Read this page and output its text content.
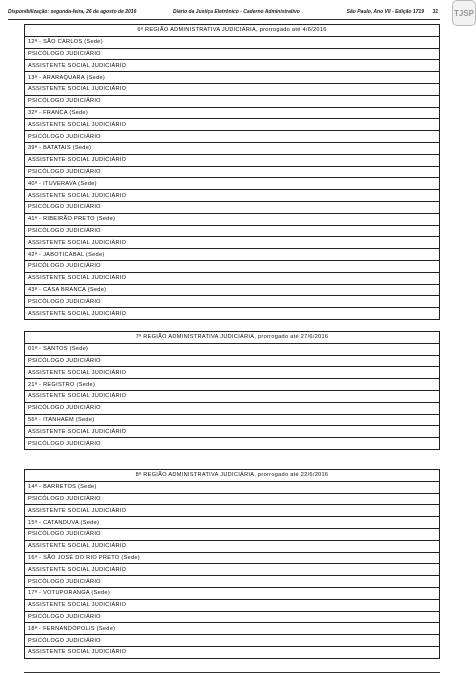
Disponibilização: segunda-feira, 26 de agosto de 2016	Diário da Justiça Eletrônico - Caderno Administrativo	São Paulo, Ano VII - Edição 1719 31 TJSP
6ª REGIÃO ADMINISTRATIVA JUDICIÁRIA, prorrogado até 4/6/2016
12ª - SÃO CARLOS (Sede)
PSICÓLOGO JUDICIÁRIO
ASSISTENTE SOCIAL JUDICIÁRIO
13ª - ARARAQUARA (Sede)
ASSISTENTE SOCIAL JUDICIÁRIO
PSICÓLOGO JUDICIÁRIO
32ª - FRANCA (Sede)
ASSISTENTE SOCIAL JUDICIÁRIO
PSICÓLOGO JUDICIÁRIO
39ª - BATATAIS (Sede)
ASSISTENTE SOCIAL JUDICIÁRIO
PSICÓLOGO JUDICIÁRIO
40ª - ITUVERAVA (Sede)
ASSISTENTE SOCIAL JUDICIÁRIO
PSICÓLOGO JUDICIÁRIO
41ª - RIBEIRÃO PRETO (Sede)
PSICÓLOGO JUDICIÁRIO
ASSISTENTE SOCIAL JUDICIÁRIO
42ª - JABOTICABAL (Sede)
PSICÓLOGO JUDICIÁRIO
ASSISTENTE SOCIAL JUDICIÁRIO
43ª - CASA BRANCA (Sede)
PSICÓLOGO JUDICIÁRIO
ASSISTENTE SOCIAL JUDICIÁRIO
7ª REGIÃO ADMINISTRATIVA JUDICIÁRIA, prorrogado até 27/6/2016
01ª - SANTOS (Sede)
PSICÓLOGO JUDICIÁRIO
ASSISTENTE SOCIAL JUDICIÁRIO
21ª - REGISTRO (Sede)
ASSISTENTE SOCIAL JUDICIÁRIO
PSICÓLOGO JUDICIÁRIO
56ª - ITANHAÉM (Sede)
ASSISTENTE SOCIAL JUDICIÁRIO
PSICÓLOGO JUDICIÁRIO
8ª REGIÃO ADMINISTRATIVA JUDICIÁRIA, prorrogado até 22/6/2016
14ª - BARRETOS (Sede)
PSICÓLOGO JUDICIÁRIO
ASSISTENTE SOCIAL JUDICIÁRIO
15ª - CATANDUVA (Sede)
PSICÓLOGO JUDICIÁRIO
ASSISTENTE SOCIAL JUDICIÁRIO
16ª - SÃO JOSÉ DO RIO PRETO (Sede)
ASSISTENTE SOCIAL JUDICIÁRIO
PSICÓLOGO JUDICIÁRIO
17ª - VOTUPORANGA (Sede)
ASSISTENTE SOCIAL JUDICIÁRIO
PSICÓLOGO JUDICIÁRIO
18ª - FERNANDÓPOLIS (Sede)
PSICÓLOGO JUDICIÁRIO
ASSISTENTE SOCIAL JUDICIÁRIO
